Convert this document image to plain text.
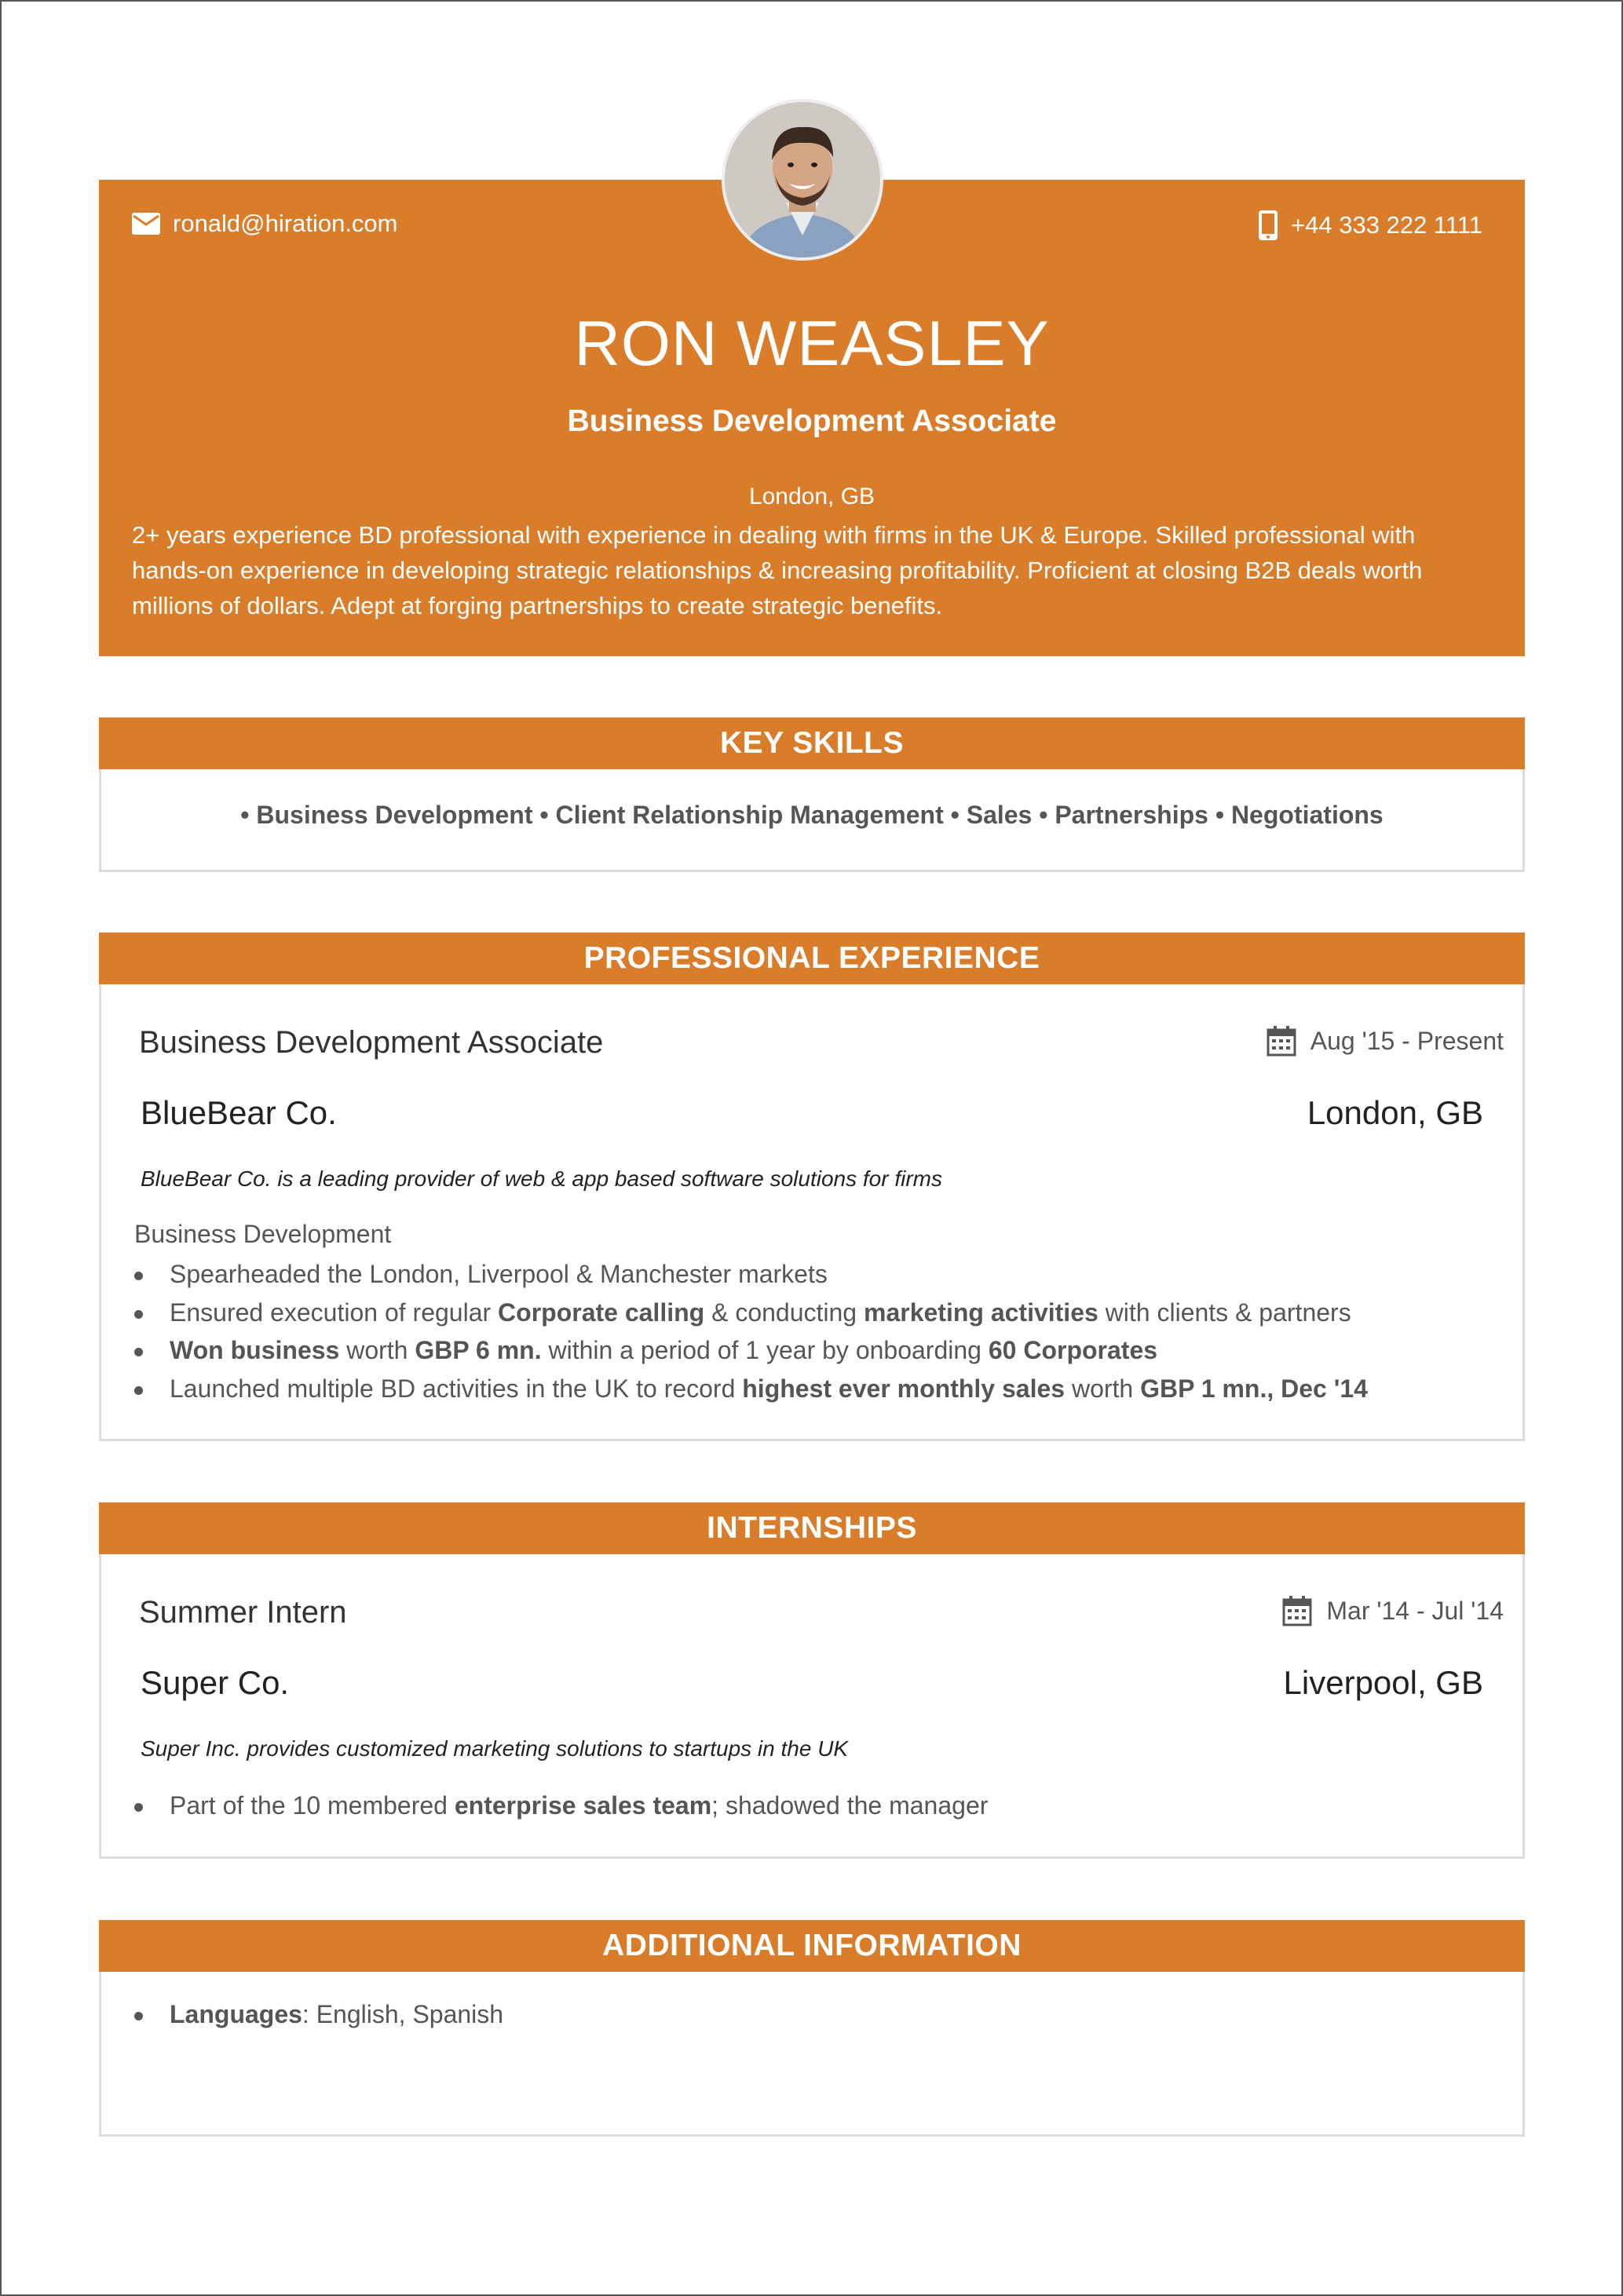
ronald@hiration.com	+44 333 222 1111
RON WEASLEY
Business Development Associate
London, GB
2+ years experience BD professional with experience in dealing with firms in the UK & Europe. Skilled professional with hands-on experience in developing strategic relationships & increasing profitability. Proficient at closing B2B deals worth millions of dollars. Adept at forging partnerships to create strategic benefits.
KEY SKILLS
• Business Development • Client Relationship Management • Sales • Partnerships • Negotiations
PROFESSIONAL EXPERIENCE
Business Development Associate	Aug '15 - Present
BlueBear Co.	London, GB
BlueBear Co. is a leading provider of web & app based software solutions for firms
Business Development
Spearheaded the London, Liverpool & Manchester markets
Ensured execution of regular Corporate calling & conducting marketing activities with clients & partners
Won business worth GBP 6 mn. within a period of 1 year by onboarding 60 Corporates
Launched multiple BD activities in the UK to record highest ever monthly sales worth GBP 1 mn., Dec '14
INTERNSHIPS
Summer Intern	Mar '14 - Jul '14
Super Co.	Liverpool, GB
Super Inc. provides customized marketing solutions to startups in the UK
Part of the 10 membered enterprise sales team; shadowed the manager
ADDITIONAL INFORMATION
Languages: English, Spanish
